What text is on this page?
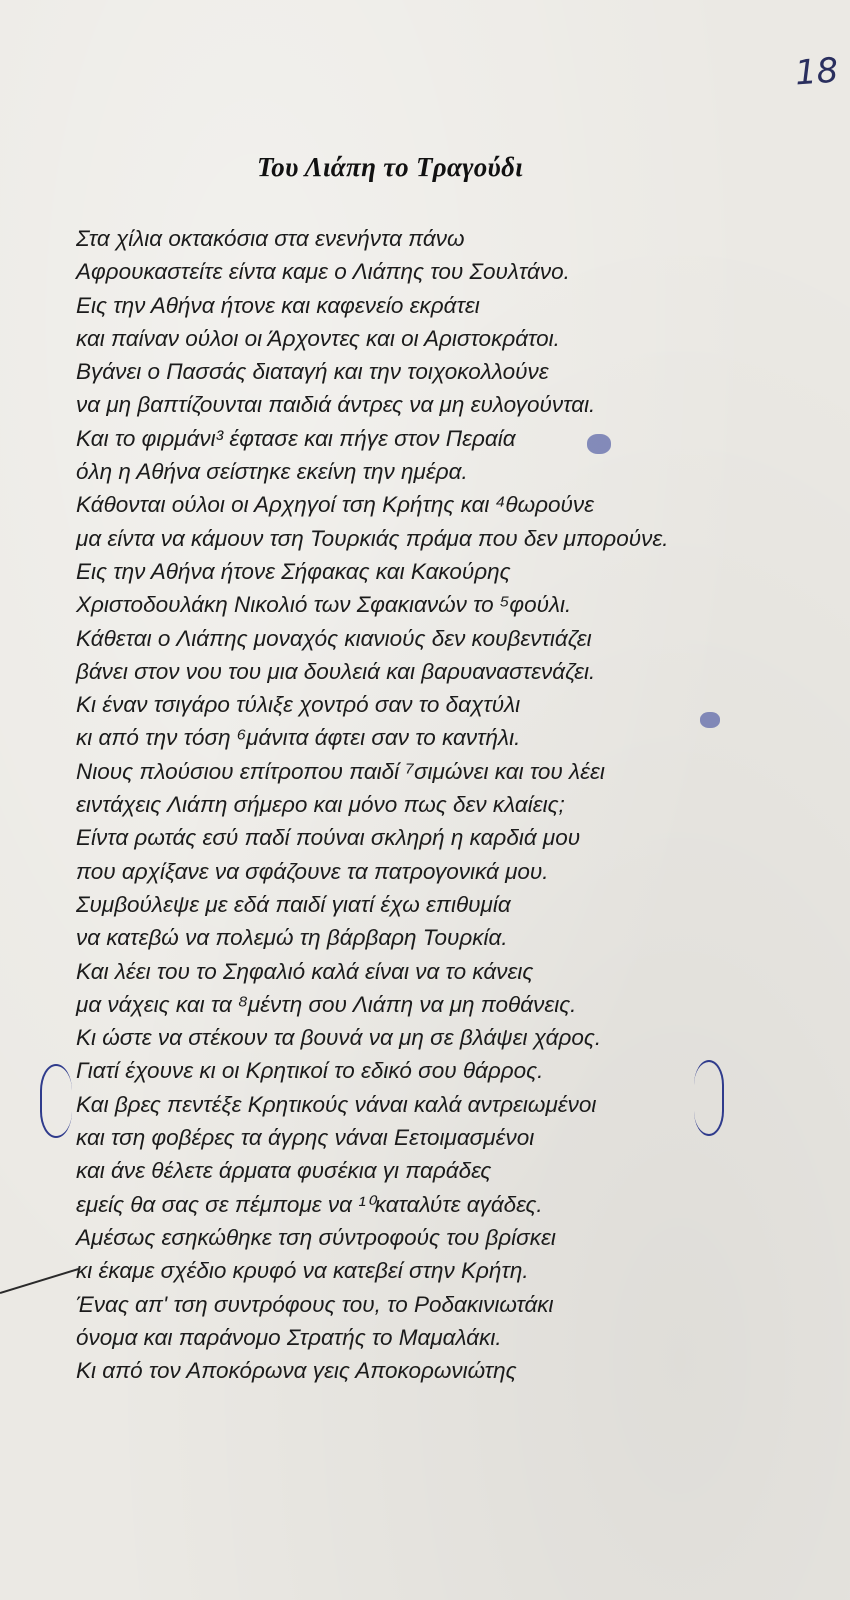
18
Του Λιάπη το Τραγούδι
Στα χίλια οκτακόσια στα ενενήντα πάνω
Αφρουκαστείτε είντα καμε ο Λιάπης του Σουλτάνο.
Εις την Αθήνα ήτονε και καφενείο εκράτει
και παίναν ούλοι οι Άρχοντες και οι Αριστοκράτοι.
Βγάνει ο Πασσάς διαταγή και την τοιχοκολλούνε
να μη βαπτίζουνται παιδιά άντρες να μη ευλογούνται.
Και το φιρμάνι³ έφτασε και πήγε στον Περαία
όλη η Αθήνα σείστηκε εκείνη την ημέρα.
Κάθονται ούλοι οι Αρχηγοί τση Κρήτης και ⁴θωρούνε
μα είντα να κάμουν τση Τουρκιάς πράμα που δεν μπορούνε.
Εις την Αθήνα ήτονε Σήφακας και Κακούρης
Χριστοδουλάκη Νικολιό των Σφακιανών το ⁵φούλι.
Κάθεται ο Λιάπης μοναχός κιανιούς δεν κουβεντιάζει
βάνει στον νου του μια δουλειά και βαρυαναστενάζει.
Κι έναν τσιγάρο τύλιξε χοντρό σαν το δαχτύλι
κι από την τόση ⁶μάνιτα άφτει σαν το καντήλι.
Νιους πλούσιου επίτροπου παιδί ⁷σιμώνει και του λέει
ειντάχεις Λιάπη σήμερο και μόνο πως δεν κλαίεις;
Είντα ρωτάς εσύ παδί πούναι σκληρή η καρδιά μου
που αρχίξανε να σφάζουνε τα πατρογονικά μου.
Συμβούλεψε με εδά παιδί γιατί έχω επιθυμία
να κατεβώ να πολεμώ τη βάρβαρη Τουρκία.
Και λέει του το Σηφαλιό καλά είναι να το κάνεις
μα νάχεις και τα ⁸μέντη σου Λιάπη να μη ποθάνεις.
Κι ώστε να στέκουν τα βουνά να μη σε βλάψει χάρος.
Γιατί έχουνε κι οι Κρητικοί το εδικό σου θάρρος.
Και βρες πεντέξε Κρητικούς νάναι καλά αντρειωμένοι
και τση φοβέρες τα άγρης νάναι Εετοιμασμένοι
και άνε θέλετε άρματα φυσέκια γι παράδες
εμείς θα σας σε πέμπομε να ¹⁰καταλύτε αγάδες.
Αμέσως εσηκώθηκε τση σύντροφούς του βρίσκει
κι έκαμε σχέδιο κρυφό να κατεβεί στην Κρήτη.
Ένας απ' τση συντρόφους του, το Ροδακινιωτάκι
όνομα και παράνομο Στρατής το Μαμαλάκι.
Κι από τον Αποκόρωνα γεις Αποκορωνιώτης
